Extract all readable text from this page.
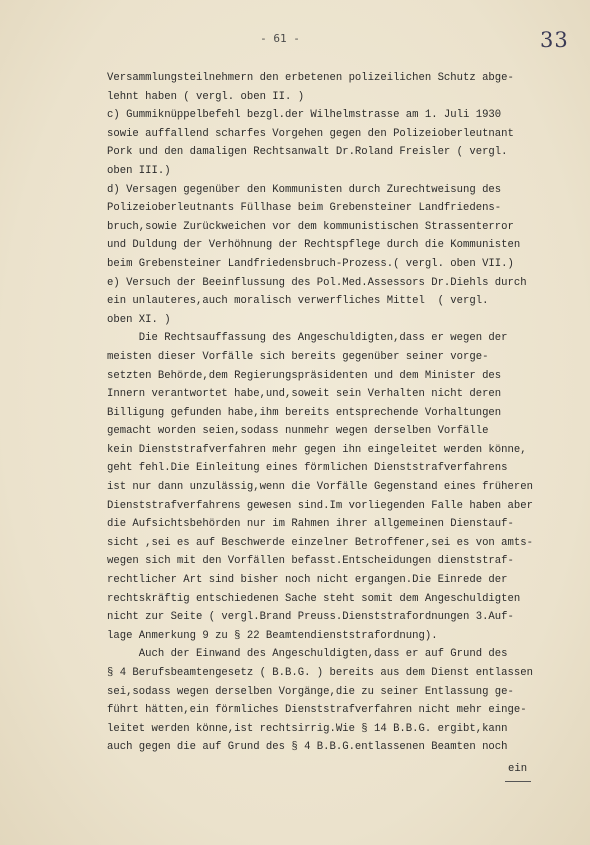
- 61 -	33
Versammlungsteilnehmern den erbetenen polizeilichen Schutz abge-
lehnt haben ( vergl. oben II. )
c) Gummiknüppelbefehl bezgl.der Wilhelmstrasse am 1. Juli 1930
sowie auffallend scharfes Vorgehen gegen den Polizeioberleutnant
Pork und den damaligen Rechtsanwalt Dr.Roland Freisler ( vergl.
oben III.)
d) Versagen gegenüber den Kommunisten durch Zurechtweisung des
Polizeioberleutnants Füllhase beim Grebensteiner Landfriedens-
bruch,sowie Zurückweichen vor dem kommunistischen Strassenterror
und Duldung der Verhöhnung der Rechtspflege durch die Kommunisten
beim Grebensteiner Landfriedensbruch-Prozess.( vergl. oben VII.)
e) Versuch der Beeinflussung des Pol.Med.Assessors Dr.Diehls durch
ein unlauteres,auch moralisch verwerfliches Mittel  ( vergl.
oben XI. )
Die Rechtsauffassung des Angeschuldigten,dass er wegen der
meisten dieser Vorfälle sich bereits gegenüber seiner vorge-
setzten Behörde,dem Regierungspräsidenten und dem Minister des
Innern verantwortet habe,und,soweit sein Verhalten nicht deren
Billigung gefunden habe,ihm bereits entsprechende Vorhaltungen
gemacht worden seien,sodass nunmehr wegen derselben Vorfälle
kein Dienststrafverfahren mehr gegen ihn eingeleitet werden könne,
geht fehl.Die Einleitung eines förmlichen Dienststrafverfahrens
ist nur dann unzulässig,wenn die Vorfälle Gegenstand eines früheren
Dienststrafverfahrens gewesen sind.Im vorliegenden Falle haben aber
die Aufsichtsbehörden nur im Rahmen ihrer allgemeinen Dienstauf-
sicht ,sei es auf Beschwerde einzelner Betroffener,sei es von amts-
wegen sich mit den Vorfällen befasst.Entscheidungen dienststraf-
rechtlicher Art sind bisher noch nicht ergangen.Die Einrede der
rechtskräftig entschiedenen Sache steht somit dem Angeschuldigten
nicht zur Seite ( vergl.Brand Preuss.Dienststrafordnungen 3.Auf-
lage Anmerkung 9 zu § 22 Beamtendienststrafordnung).
Auch der Einwand des Angeschuldigten,dass er auf Grund des
§ 4 Berufsbeamtengesetz ( B.B.G. ) bereits aus dem Dienst entlassen
sei,sodass wegen derselben Vorgänge,die zu seiner Entlassung ge-
führt hätten,ein förmliches Dienststrafverfahren nicht mehr einge-
leitet werden könne,ist rechtsirrig.Wie § 14 B.B.G. ergibt,kann
auch gegen die auf Grund des § 4 B.B.G.entlassenen Beamten noch
ein
